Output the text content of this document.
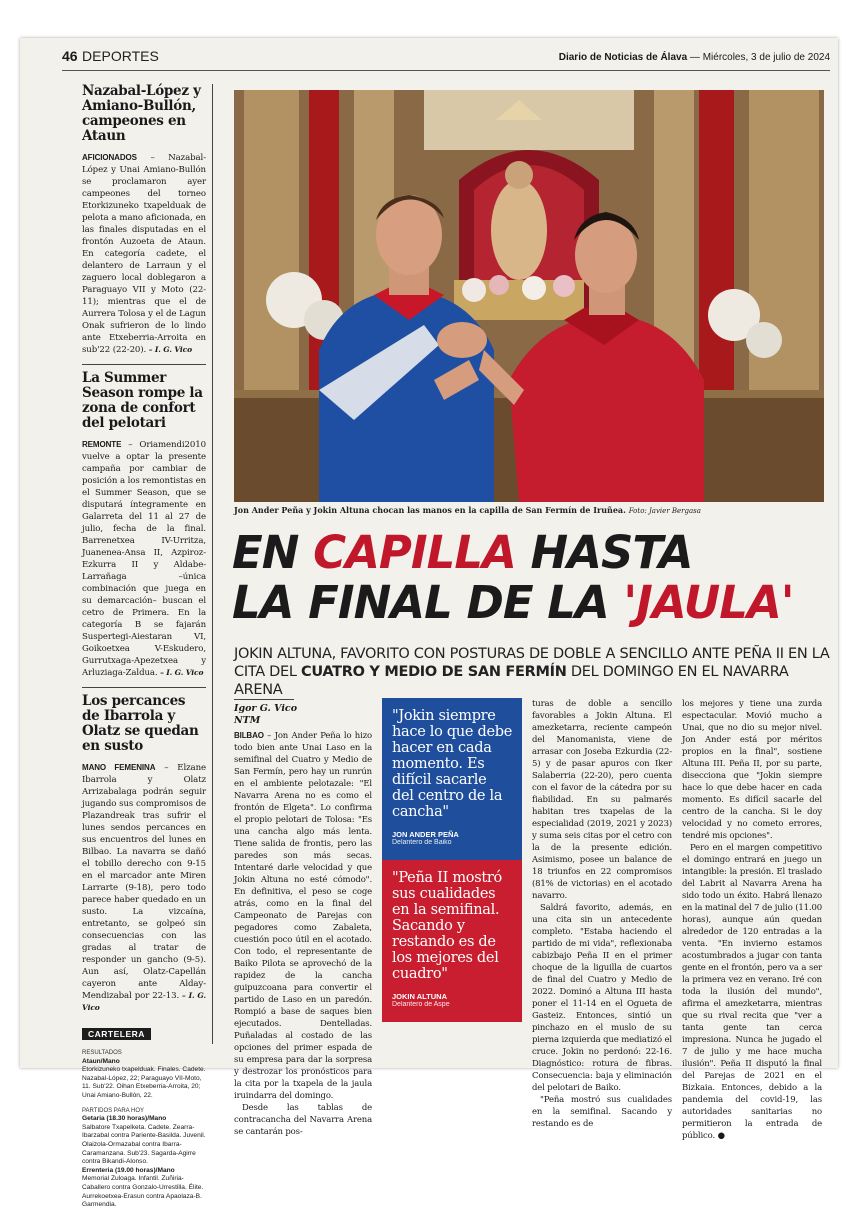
46 DEPORTES	Diario de Noticias de Álava — Miércoles, 3 de julio de 2024
Nazabal-López y Amiano-Bullón, campeones en Ataun
AFICIONADOS – Nazabal-López y Unai Amiano-Bullón se proclamaron ayer campeones del torneo Etorkizuneko txapelduak de pelota a mano aficionada, en las finales disputadas en el frontón Auzoeta de Ataun. En categoría cadete, el delantero de Larraun y el zaguero local doblegaron a Paraguayo VII y Moto (22-11); mientras que el de Aurrera Tolosa y el de Lagun Onak sufrieron de lo lindo ante Etxeberria-Arroita en sub'22 (22-20). – I. G. Vico
La Summer Season rompe la zona de confort del pelotari
REMONTE – Oriamendi2010 vuelve a optar la presente campaña por cambiar de posición a los remontistas en el Summer Season, que se disputará íntegramente en Galarreta del 11 al 27 de julio, fecha de la final. Barrenetxea IV-Urritza, Juanenea-Ansa II, Azpiroz-Ezkurra II y Aldabe-Larrañaga –única combinación que juega en su demarcación– buscan el cetro de Primera. En la categoría B se fajarán Suspertegi-Aiestaran VI, Goikoetxea V-Eskudero, Gurrutxaga-Apezetxea y Arluziaga-Zaldua. – I. G. Vico
Los percances de Ibarrola y Olatz se quedan en susto
MANO FEMENINA – Elzane Ibarrola y Olatz Arrizabalaga podrán seguir jugando sus compromisos de Plazandreak tras sufrir el lunes sendos percances en sus encuentros del lunes en Bilbao. La navarra se dañó el tobillo derecho con 9-15 en el marcador ante Miren Larrarte (9-18), pero todo parece haber quedado en un susto. La vizcaína, entretanto, se golpeó sin consecuencias con las gradas al tratar de responder un gancho (9-5). Aun así, Olatz-Capellán cayeron ante Alday-Mendizabal por 22-13. – I. G. Vico
CARTELERA
RESULTADOS
Ataun/Mano
Etorkizuneko txapelduak. Finales. Cadete. Nazabal-López, 22; Paraguayo VII-Moto, 11. Sub'22. Oihan Etxeberria-Arroita, 20; Unai Amiano-Bullón, 22.
PARTIDOS PARA HOY
Getaria (18.30 horas)/Mano
Salbatore Txapelketa. Cadete. Zearra-Ibarzabal contra Pariente-Basilda. Juvenil. Olaizola-Ormazabal contra Ibarra-Caramanzana. Sub'23. Sagarda-Agirre contra Bikandi-Alonso.
Errenteria (19.00 horas)/Mano
Memorial Zuloaga. Infantil. Zuñiria-Caballero contra Gonzalo-Urrestilla. Élite. Aurrekoetxea-Erasun contra Apaolaza-B. Garmendia.
Jon Ander Peña y Jokin Altuna chocan las manos en la capilla de San Fermín de Iruñea. Foto: Javier Bergasa
EN CAPILLA HASTA
LA FINAL DE LA 'JAULA'
JOKIN ALTUNA, FAVORITO CON POSTURAS DE DOBLE A SENCILLO ANTE PEÑA II EN LA CITA DEL CUATRO Y MEDIO DE SAN FERMÍN DEL DOMINGO EN EL NAVARRA ARENA
Igor G. Vico
NTM

BILBAO – Jon Ander Peña lo hizo todo bien ante Unai Laso en la semifinal del Cuatro y Medio de San Fermín, pero hay un runrún en el ambiente pelotazale: "El Navarra Arena no es como el frontón de Elgeta". Lo confirma el propio pelotari de Tolosa: "Es una cancha algo más lenta. Tiene salida de frontis, pero las paredes son más secas. Intentaré darle velocidad y que Jokin Altuna no esté cómodo". En definitiva, el peso se coge atrás, como en la final del Campeonato de Parejas con pegadores como Zabaleta, cuestión poco útil en el acotado. Con todo, el representante de Baiko Pilota se aprovechó de la rapidez de la cancha guipuzcoana para convertir el partido de Laso en un paredón. Rompió a base de saques bien ejecutados. Dentelladas. Puñaladas al costado de las opciones del primer espada de su empresa para dar la sorpresa y destrozar los pronósticos para la cita por la txapela de la jaula iruindarra del domingo.

Desde las tablas de contracancha del Navarra Arena se cantarán pos-

"Jokin siempre hace lo que debe hacer en cada momento. Es difícil sacarle del centro de la cancha"
JON ANDER PEÑA
Delantero de Baiko
"Peña II mostró sus cualidades en la semifinal. Sacando y restando es de los mejores del cuadro"
JOKIN ALTUNA
Delantero de Aspe

turas de doble a sencillo favorables a Jokin Altuna. El amezketarra, reciente campeón del Manomanista, viene de arrasar con Joseba Ezkurdia (22-5) y de pasar apuros con Iker Salaberria (22-20), pero cuenta con el favor de la cátedra por su fiabilidad. En su palmarés habitan tres txapelas de la especialidad (2019, 2021 y 2023) y suma seis citas por el cetro con la de la presente edición. Asimismo, posee un balance de 18 triunfos en 22 compromisos (81% de victorias) en el acotado navarro.

Saldrá favorito, además, en una cita sin un antecedente completo. "Estaba haciendo el partido de mi vida", reflexionaba cabizbajo Peña II en el primer choque de la liguilla de cuartos de final del Cuatro y Medio de 2022. Dominó a Altuna III hasta poner el 11-14 en el Ogueta de Gasteiz. Entonces, sintió un pinchazo en el muslo de su pierna izquierda que mediatizó el cruce. Jokin no perdonó: 22-16. Diagnóstico: rotura de fibras. Consecuencia: baja y eliminación del pelotari de Baiko.

"Peña mostró sus cualidades en la semifinal. Sacando y restando es de

los mejores y tiene una zurda espectacular. Movió mucho a Unai, que no dio su mejor nivel. Jon Ander está por méritos propios en la final", sostiene Altuna III. Peña II, por su parte, disecciona que "Jokin siempre hace lo que debe hacer en cada momento. Es difícil sacarle del centro de la cancha. Si le doy velocidad y no cometo errores, tendré mis opciones".

Pero en el margen competitivo el domingo entrará en juego un intangible: la presión. El traslado del Labrit al Navarra Arena ha sido todo un éxito. Habrá llenazo en la matinal del 7 de julio (11.00 horas), aunque aún quedan alrededor de 120 entradas a la venta. "En invierno estamos acostumbrados a jugar con tanta gente en el frontón, pero va a ser la primera vez en verano. Iré con toda la ilusión del mundo", afirma el amezketarra, mientras que su rival recita que "ver a tanta gente tan cerca impresiona. Nunca he jugado el 7 de julio y me hace mucha ilusión". Peña II disputó la final del Parejas de 2021 en el Bizkaia. Entonces, debido a la pandemia del covid-19, las autoridades sanitarias no permitieron la entrada de público. ●
